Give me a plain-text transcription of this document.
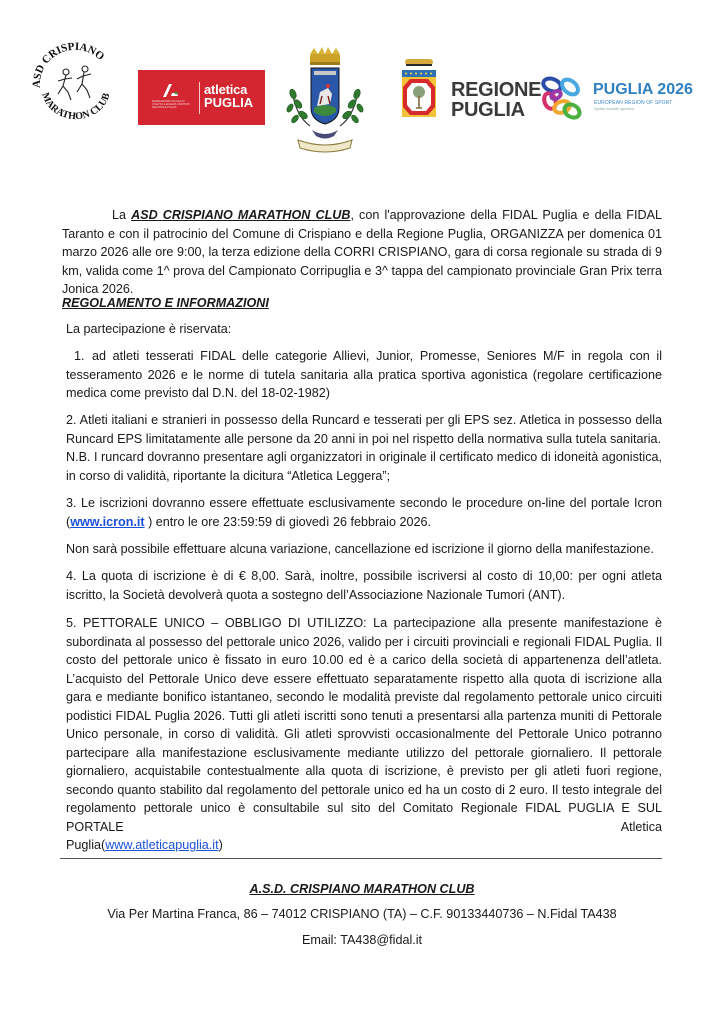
ASD CRISPIANO
MARATHON CLUB	FEDERAZIONE ITALIANA DI ATLETICA LEGGERA COMITATO REGIONALE PUGLIA
atletica
PUGLIA
REGIONE
PUGLIA
PUGLIA 2026
EUROPEAN REGION OF SPORT
Spirito sociale sportivo

La ASD CRISPIANO MARATHON CLUB, con l'approvazione della FIDAL Puglia e della FIDAL Taranto e con il patrocinio del Comune di Crispiano e della Regione Puglia, ORGANIZZA per domenica 01 marzo 2026 alle ore 9:00, la terza edizione della CORRI CRISPIANO, gara di corsa regionale su strada di 9 km, valida come 1^ prova del Campionato Corripuglia e 3^ tappa del campionato provinciale Gran Prix terra Jonica 2026.

REGOLAMENTO E INFORMAZIONI
La partecipazione è riservata:

1. ad atleti tesserati FIDAL delle categorie Allievi, Junior, Promesse, Seniores M/F in regola con il tesseramento 2026 e le norme di tutela sanitaria alla pratica sportiva agonistica (regolare certificazione medica come previsto dal D.N. del 18-02-1982)

2. Atleti italiani e stranieri in possesso della Runcard e tesserati per gli EPS sez. Atletica in possesso della Runcard EPS limitatamente alle persone da 20 anni in poi nel rispetto della normativa sulla tutela sanitaria.

N.B. I runcard dovranno presentare agli organizzatori in originale il certificato medico di idoneità agonistica, in corso di validità, riportante la dicitura “Atletica Leggera”;

3. Le iscrizioni dovranno essere effettuate esclusivamente secondo le procedure on-line del portale Icron (www.icron.it ) entro le ore 23:59:59 di giovedì 26 febbraio 2026.

Non sarà possibile effettuare alcuna variazione, cancellazione ed iscrizione il giorno della manifestazione.

4. La quota di iscrizione è di € 8,00. Sarà, inoltre, possibile iscriversi al costo di 10,00: per ogni atleta iscritto, la Società devolverà quota a sostegno dell’Associazione Nazionale Tumori (ANT).

5. PETTORALE UNICO – OBBLIGO DI UTILIZZO: La partecipazione alla presente manifestazione è subordinata al possesso del pettorale unico 2026, valido per i circuiti provinciali e regionali FIDAL Puglia. Il costo del pettorale unico è fissato in euro 10.00 ed è a carico della società di appartenenza dell’atleta. L’acquisto del Pettorale Unico deve essere effettuato separatamente rispetto alla quota di iscrizione alla gara e mediante bonifico istantaneo, secondo le modalità previste dal regolamento pettorale unico circuiti podistici FIDAL Puglia 2026. Tutti gli atleti iscritti sono tenuti a presentarsi alla partenza muniti di Pettorale Unico personale, in corso di validità. Gli atleti sprovvisti occasionalmente del Pettorale Unico potranno partecipare alla manifestazione esclusivamente mediante utilizzo del pettorale giornaliero. Il pettorale giornaliero, acquistabile contestualmente alla quota di iscrizione, è previsto per gli atleti fuori regione, secondo quanto stabilito dal regolamento del pettorale unico ed ha un costo di 2 euro. Il testo integrale del regolamento pettorale unico è consultabile sul sito del Comitato Regionale FIDAL PUGLIA E SUL PORTALE Atletica

Puglia(www.atleticapuglia.it)

A.S.D. CRISPIANO MARATHON CLUB
Via Per Martina Franca, 86 – 74012 CRISPIANO (TA) – C.F. 90133440736 – N.Fidal TA438
Email: TA438@fidal.it
